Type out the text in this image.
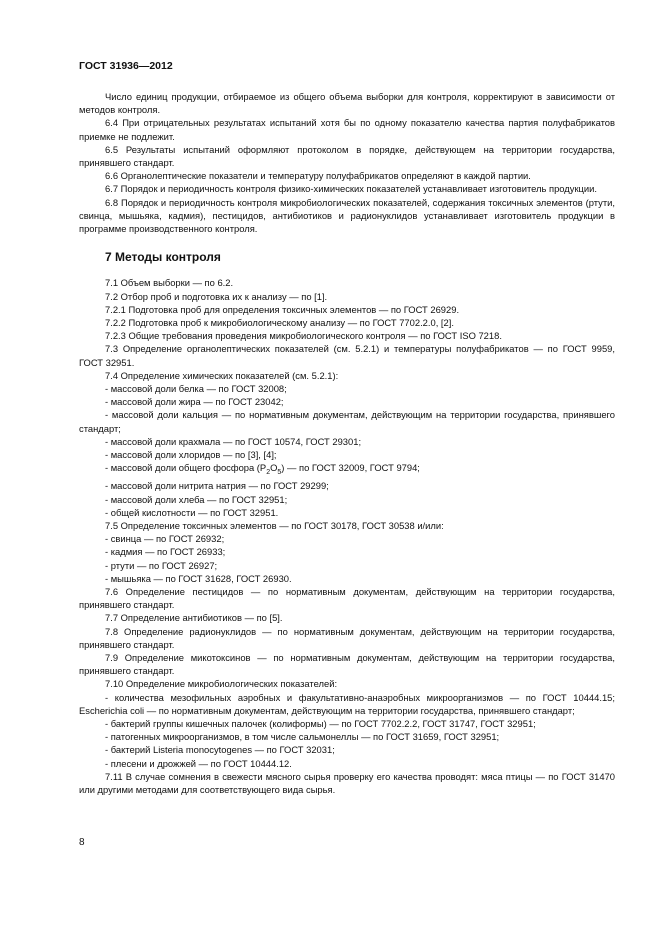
ГОСТ 31936—2012

Число единиц продукции, отбираемое из общего объема выборки для контроля, корректируют в зависимости от методов контроля.

6.4 При отрицательных результатах испытаний хотя бы по одному показателю качества партия полуфабрикатов приемке не подлежит.

6.5 Результаты испытаний оформляют протоколом в порядке, действующем на территории государства, принявшего стандарт.

6.6 Органолептические показатели и температуру полуфабрикатов определяют в каждой партии.

6.7 Порядок и периодичность контроля физико-химических показателей устанавливает изготовитель продукции.

6.8 Порядок и периодичность контроля микробиологических показателей, содержания токсичных элементов (ртути, свинца, мышьяка, кадмия), пестицидов, антибиотиков и радионуклидов устанавливает изготовитель продукции в программе производственного контроля.

7 Методы контроля

7.1 Объем выборки — по 6.2.

7.2 Отбор проб и подготовка их к анализу — по [1].

7.2.1 Подготовка проб для определения токсичных элементов — по ГОСТ 26929.

7.2.2 Подготовка проб к микробиологическому анализу — по ГОСТ 7702.2.0, [2].

7.2.3 Общие требования проведения микробиологического контроля — по ГОСТ ISO 7218.

7.3 Определение органолептических показателей (см. 5.2.1) и температуры полуфабрикатов — по ГОСТ 9959, ГОСТ 32951.

7.4 Определение химических показателей (см. 5.2.1):

- массовой доли белка — по ГОСТ 32008;

- массовой доли жира — по ГОСТ 23042;

- массовой доли кальция — по нормативным документам, действующим на территории государства, принявшего стандарт;

- массовой доли крахмала — по ГОСТ 10574, ГОСТ 29301;

- массовой доли хлоридов — по [3], [4];

- массовой доли общего фосфора $(P_2O_5)$ — по ГОСТ 32009, ГОСТ 9794;

- массовой доли нитрита натрия — по ГОСТ 29299;

- массовой доли хлеба — по ГОСТ 32951;

- общей кислотности — по ГОСТ 32951.

7.5 Определение токсичных элементов — по ГОСТ 30178, ГОСТ 30538 и/или:

- свинца — по ГОСТ 26932;

- кадмия — по ГОСТ 26933;

- ртути — по ГОСТ 26927;

- мышьяка — по ГОСТ 31628, ГОСТ 26930.

7.6 Определение пестицидов — по нормативным документам, действующим на территории государства, принявшего стандарт.

7.7 Определение антибиотиков — по [5].

7.8 Определение радионуклидов — по нормативным документам, действующим на территории государства, принявшего стандарт.

7.9 Определение микотоксинов — по нормативным документам, действующим на территории государства, принявшего стандарт.

7.10 Определение микробиологических показателей:

- количества мезофильных аэробных и факультативно-анаэробных микроорганизмов — по ГОСТ 10444.15; Escherichia coli — по нормативным документам, действующим на территории государства, принявшего стандарт;

- бактерий группы кишечных палочек (колиформы) — по ГОСТ 7702.2.2, ГОСТ 31747, ГОСТ 32951;

- патогенных микроорганизмов, в том числе сальмонеллы — по ГОСТ 31659, ГОСТ 32951;

- бактерий Listeria monocytogenes — по ГОСТ 32031;

- плесени и дрожжей — по ГОСТ 10444.12.

7.11 В случае сомнения в свежести мясного сырья проверку его качества проводят: мяса птицы — по ГОСТ 31470 или другими методами для соответствующего вида сырья.

8
